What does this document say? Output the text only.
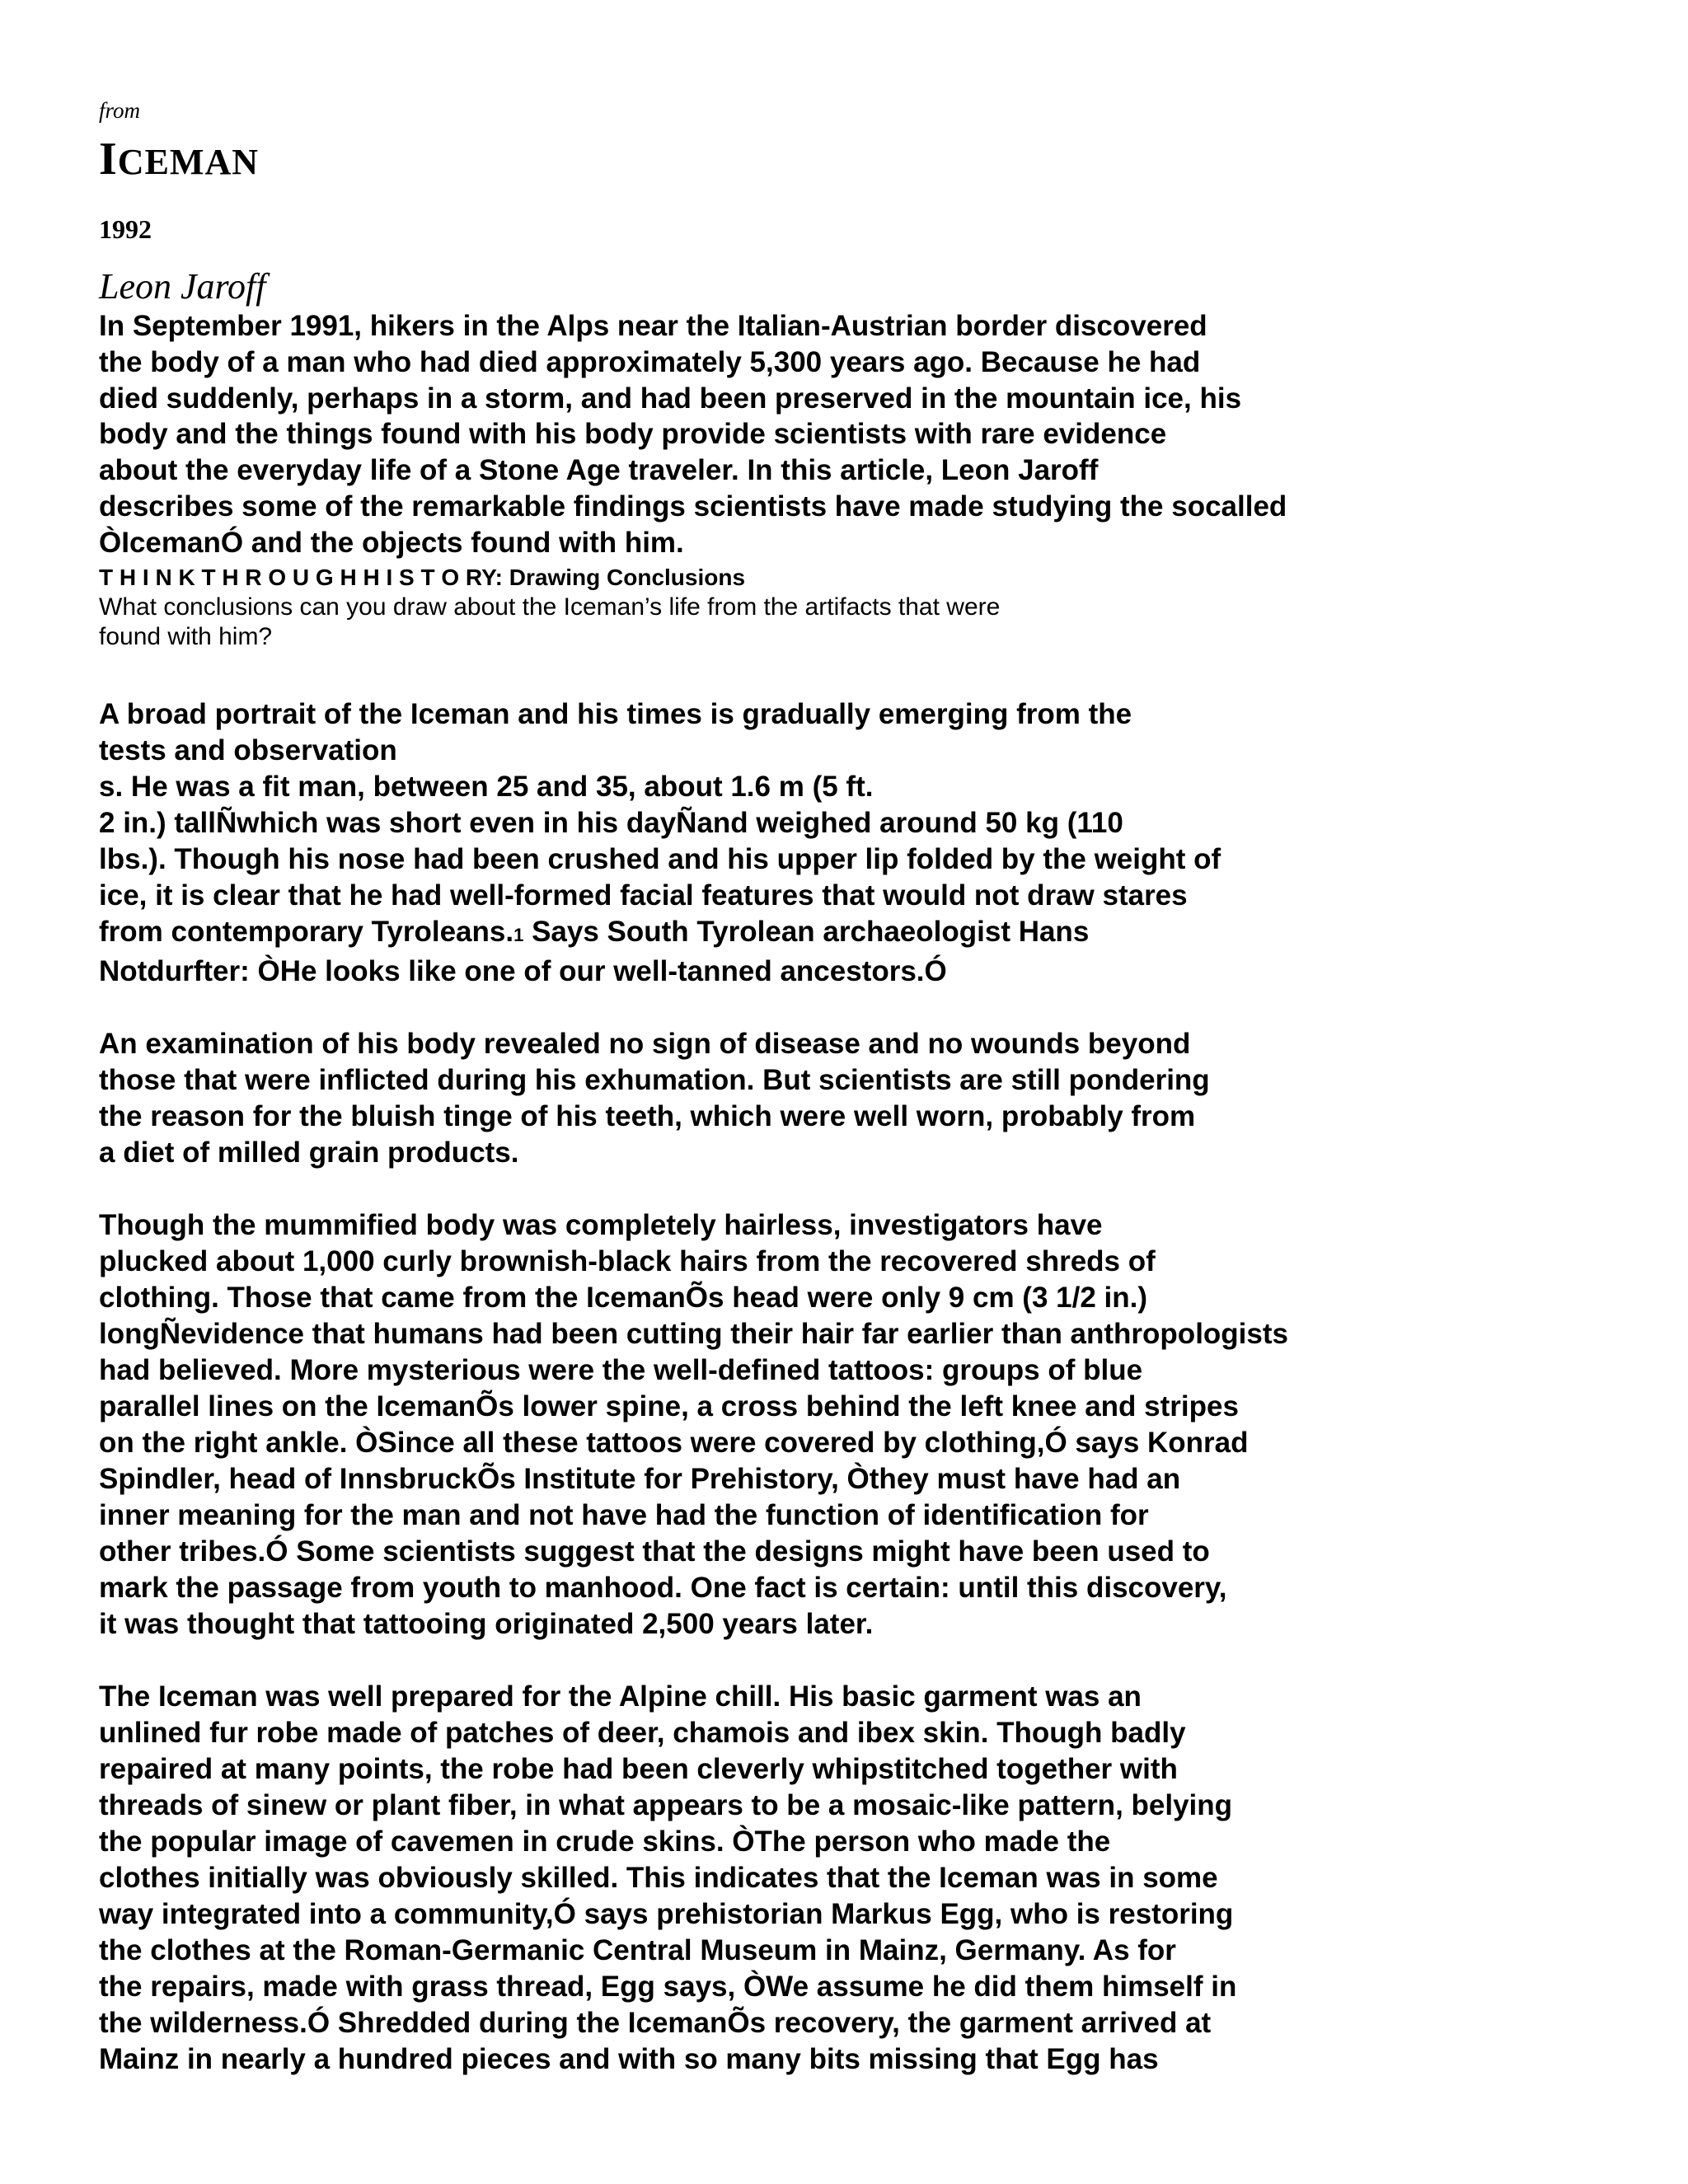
from
ICEMAN
1992
Leon Jaroff
In September 1991, hikers in the Alps near the Italian-Austrian border discovered
the body of a man who had died approximately 5,300 years ago. Because he had
died suddenly, perhaps in a storm, and had been preserved in the mountain ice, his
body and the things found with his body provide scientists with rare evidence
about the everyday life of a Stone Age traveler. In this article, Leon Jaroff
describes some of the remarkable findings scientists have made studying the socalled
ÒIcemanÓ and the objects found with him.
T H I N K T H R O U G H H I S T O RY: Drawing Conclusions
What conclusions can you draw about the Iceman’s life from the artifacts that were
found with him?
A broad portrait of the Iceman and his times is gradually emerging from the
tests and observation
s. He was a fit man, between 25 and 35, about 1.6 m (5 ft.
2 in.) tallÑwhich was short even in his dayÑand weighed around 50 kg (110
lbs.). Though his nose had been crushed and his upper lip folded by the weight of
ice, it is clear that he had well-formed facial features that would not draw stares
from contemporary Tyroleans.1 Says South Tyrolean archaeologist Hans
Notdurfter: ÒHe looks like one of our well-tanned ancestors.Ó
An examination of his body revealed no sign of disease and no wounds beyond
those that were inflicted during his exhumation. But scientists are still pondering
the reason for the bluish tinge of his teeth, which were well worn, probably from
a diet of milled grain products.
Though the mummified body was completely hairless, investigators have
plucked about 1,000 curly brownish-black hairs from the recovered shreds of
clothing. Those that came from the IcemanÕs head were only 9 cm (3 1/2 in.)
longÑevidence that humans had been cutting their hair far earlier than anthropologists
had believed. More mysterious were the well-defined tattoos: groups of blue
parallel lines on the IcemanÕs lower spine, a cross behind the left knee and stripes
on the right ankle. ÒSince all these tattoos were covered by clothing,Ó says Konrad
Spindler, head of InnsbruckÕs Institute for Prehistory, Òthey must have had an
inner meaning for the man and not have had the function of identification for
other tribes.Ó Some scientists suggest that the designs might have been used to
mark the passage from youth to manhood. One fact is certain: until this discovery,
it was thought that tattooing originated 2,500 years later.
The Iceman was well prepared for the Alpine chill. His basic garment was an
unlined fur robe made of patches of deer, chamois and ibex skin. Though badly
repaired at many points, the robe had been cleverly whipstitched together with
threads of sinew or plant fiber, in what appears to be a mosaic-like pattern, belying
the popular image of cavemen in crude skins. ÒThe person who made the
clothes initially was obviously skilled. This indicates that the Iceman was in some
way integrated into a community,Ó says prehistorian Markus Egg, who is restoring
the clothes at the Roman-Germanic Central Museum in Mainz, Germany. As for
the repairs, made with grass thread, Egg says, ÒWe assume he did them himself in
the wilderness.Ó Shredded during the IcemanÕs recovery, the garment arrived at
Mainz in nearly a hundred pieces and with so many bits missing that Egg has
